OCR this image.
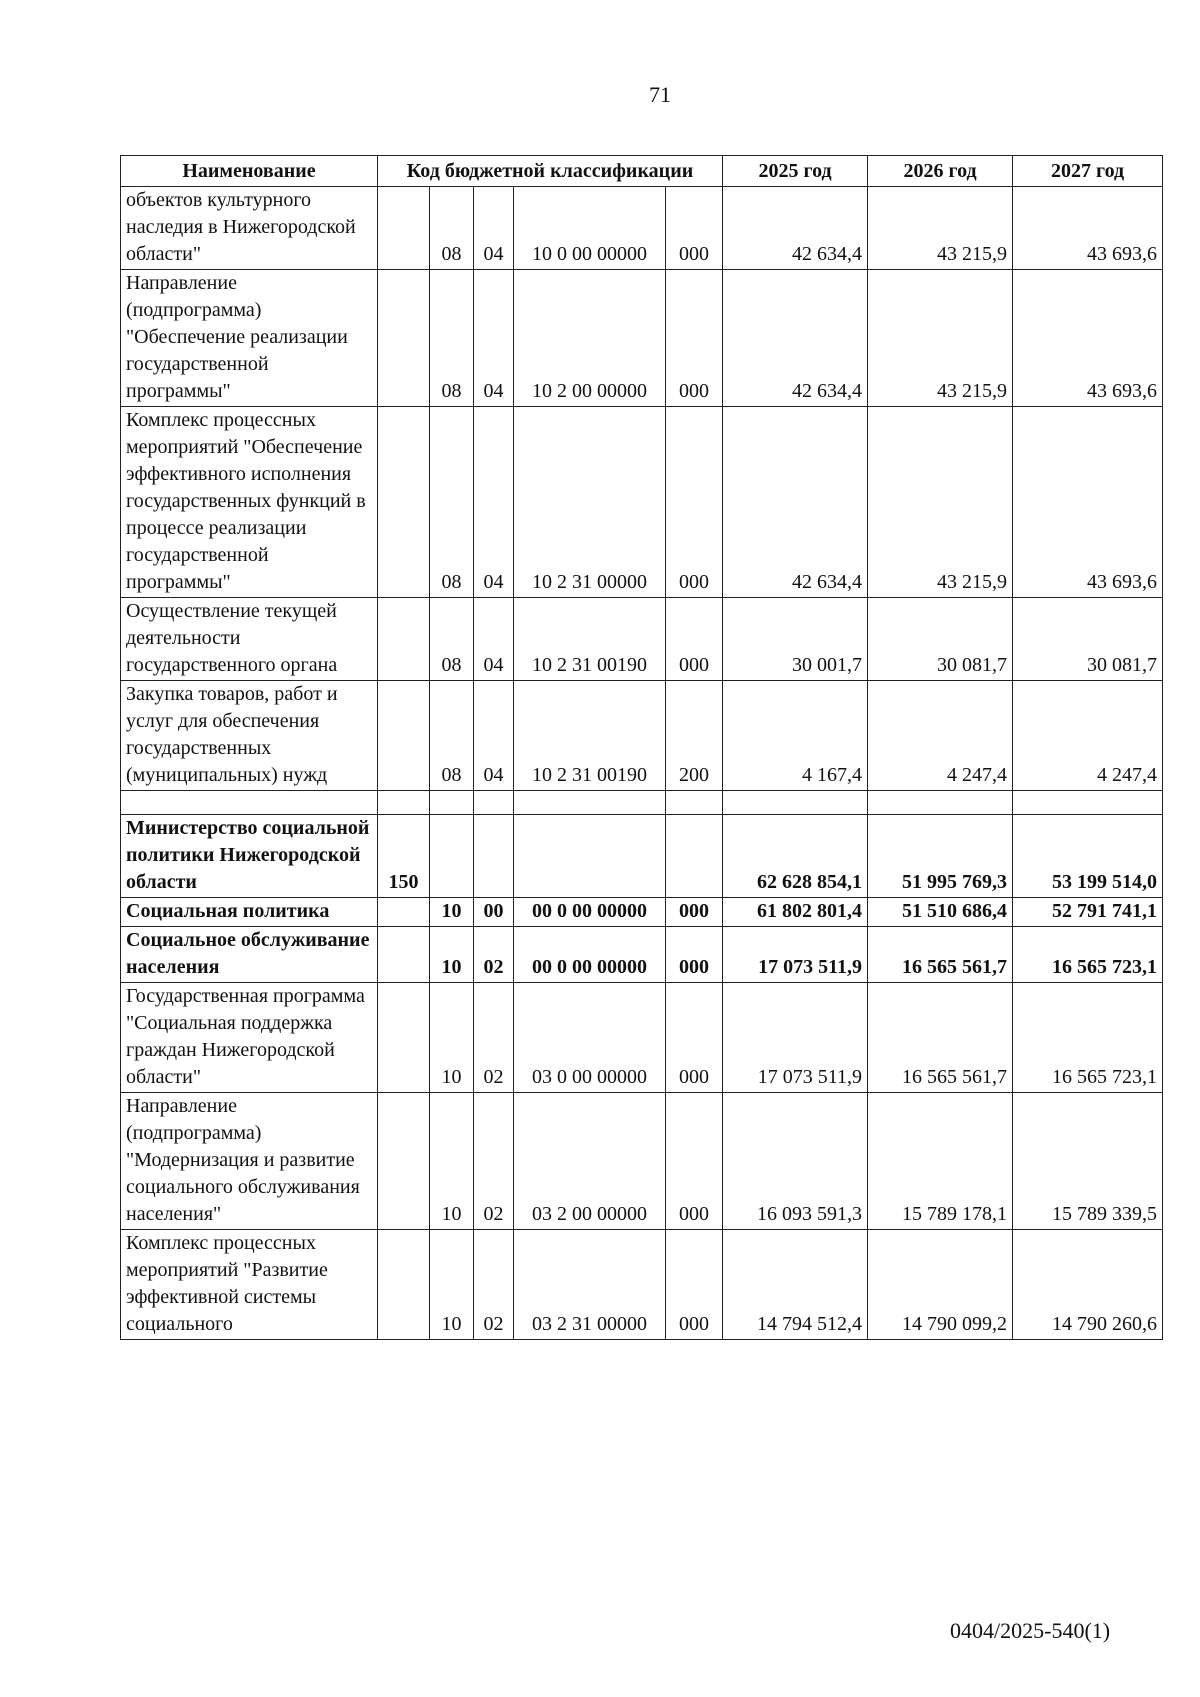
71
Наименование	Код бюджетной классификации					2025 год	2026 год	2027 год
объектов культурного наследия в Нижегородской области"		08	04	10 0 00 00000	000	42 634,4	43 215,9	43 693,6
Направление (подпрограмма) "Обеспечение реализации государственной программы"		08	04	10 2 00 00000	000	42 634,4	43 215,9	43 693,6
Комплекс процессных мероприятий "Обеспечение эффективного исполнения государственных функций в процессе реализации государственной программы"		08	04	10 2 31 00000	000	42 634,4	43 215,9	43 693,6
Осуществление текущей деятельности государственного органа		08	04	10 2 31 00190	000	30 001,7	30 081,7	30 081,7
Закупка товаров, работ и услуг для обеспечения государственных (муниципальных) нужд		08	04	10 2 31 00190	200	4 167,4	4 247,4	4 247,4

Министерство социальной политики Нижегородской области	150					62 628 854,1	51 995 769,3	53 199 514,0
Социальная политика		10	00	00 0 00 00000	000	61 802 801,4	51 510 686,4	52 791 741,1
Социальное обслуживание населения		10	02	00 0 00 00000	000	17 073 511,9	16 565 561,7	16 565 723,1
Государственная программа "Социальная поддержка граждан Нижегородской области"		10	02	03 0 00 00000	000	17 073 511,9	16 565 561,7	16 565 723,1
Направление (подпрограмма) "Модернизация и развитие социального обслуживания населения"		10	02	03 2 00 00000	000	16 093 591,3	15 789 178,1	15 789 339,5
Комплекс процессных мероприятий "Развитие эффективной системы социального		10	02	03 2 31 00000	000	14 794 512,4	14 790 099,2	14 790 260,6
0404/2025-540(1)
